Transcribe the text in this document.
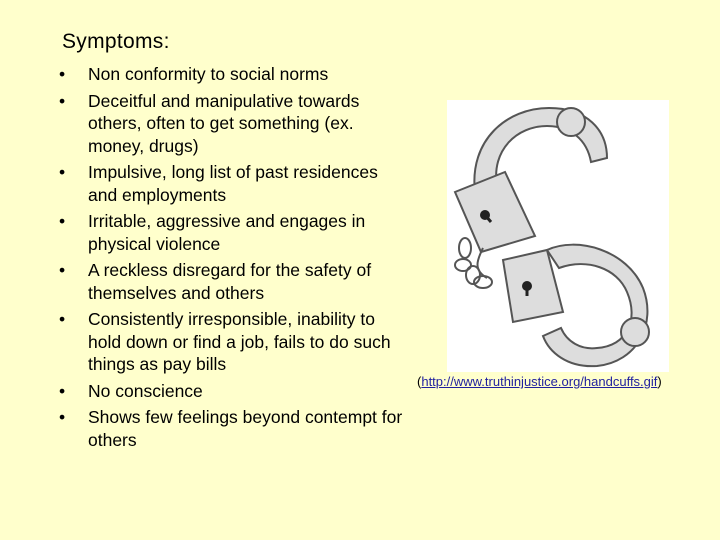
Symptoms:
• Non conformity to social norms
• Deceitful and manipulative towards others, often to get something (ex. money, drugs)
• Impulsive, long list of past residences and employments
• Irritable, aggressive and engages in physical violence
• A reckless disregard for the safety of themselves and others
• Consistently irresponsible, inability to hold down or find a job, fails to do such things as pay bills
• No conscience
• Shows few feelings beyond contempt for others
(http://www.truthinjustice.org/handcuffs.gif)
